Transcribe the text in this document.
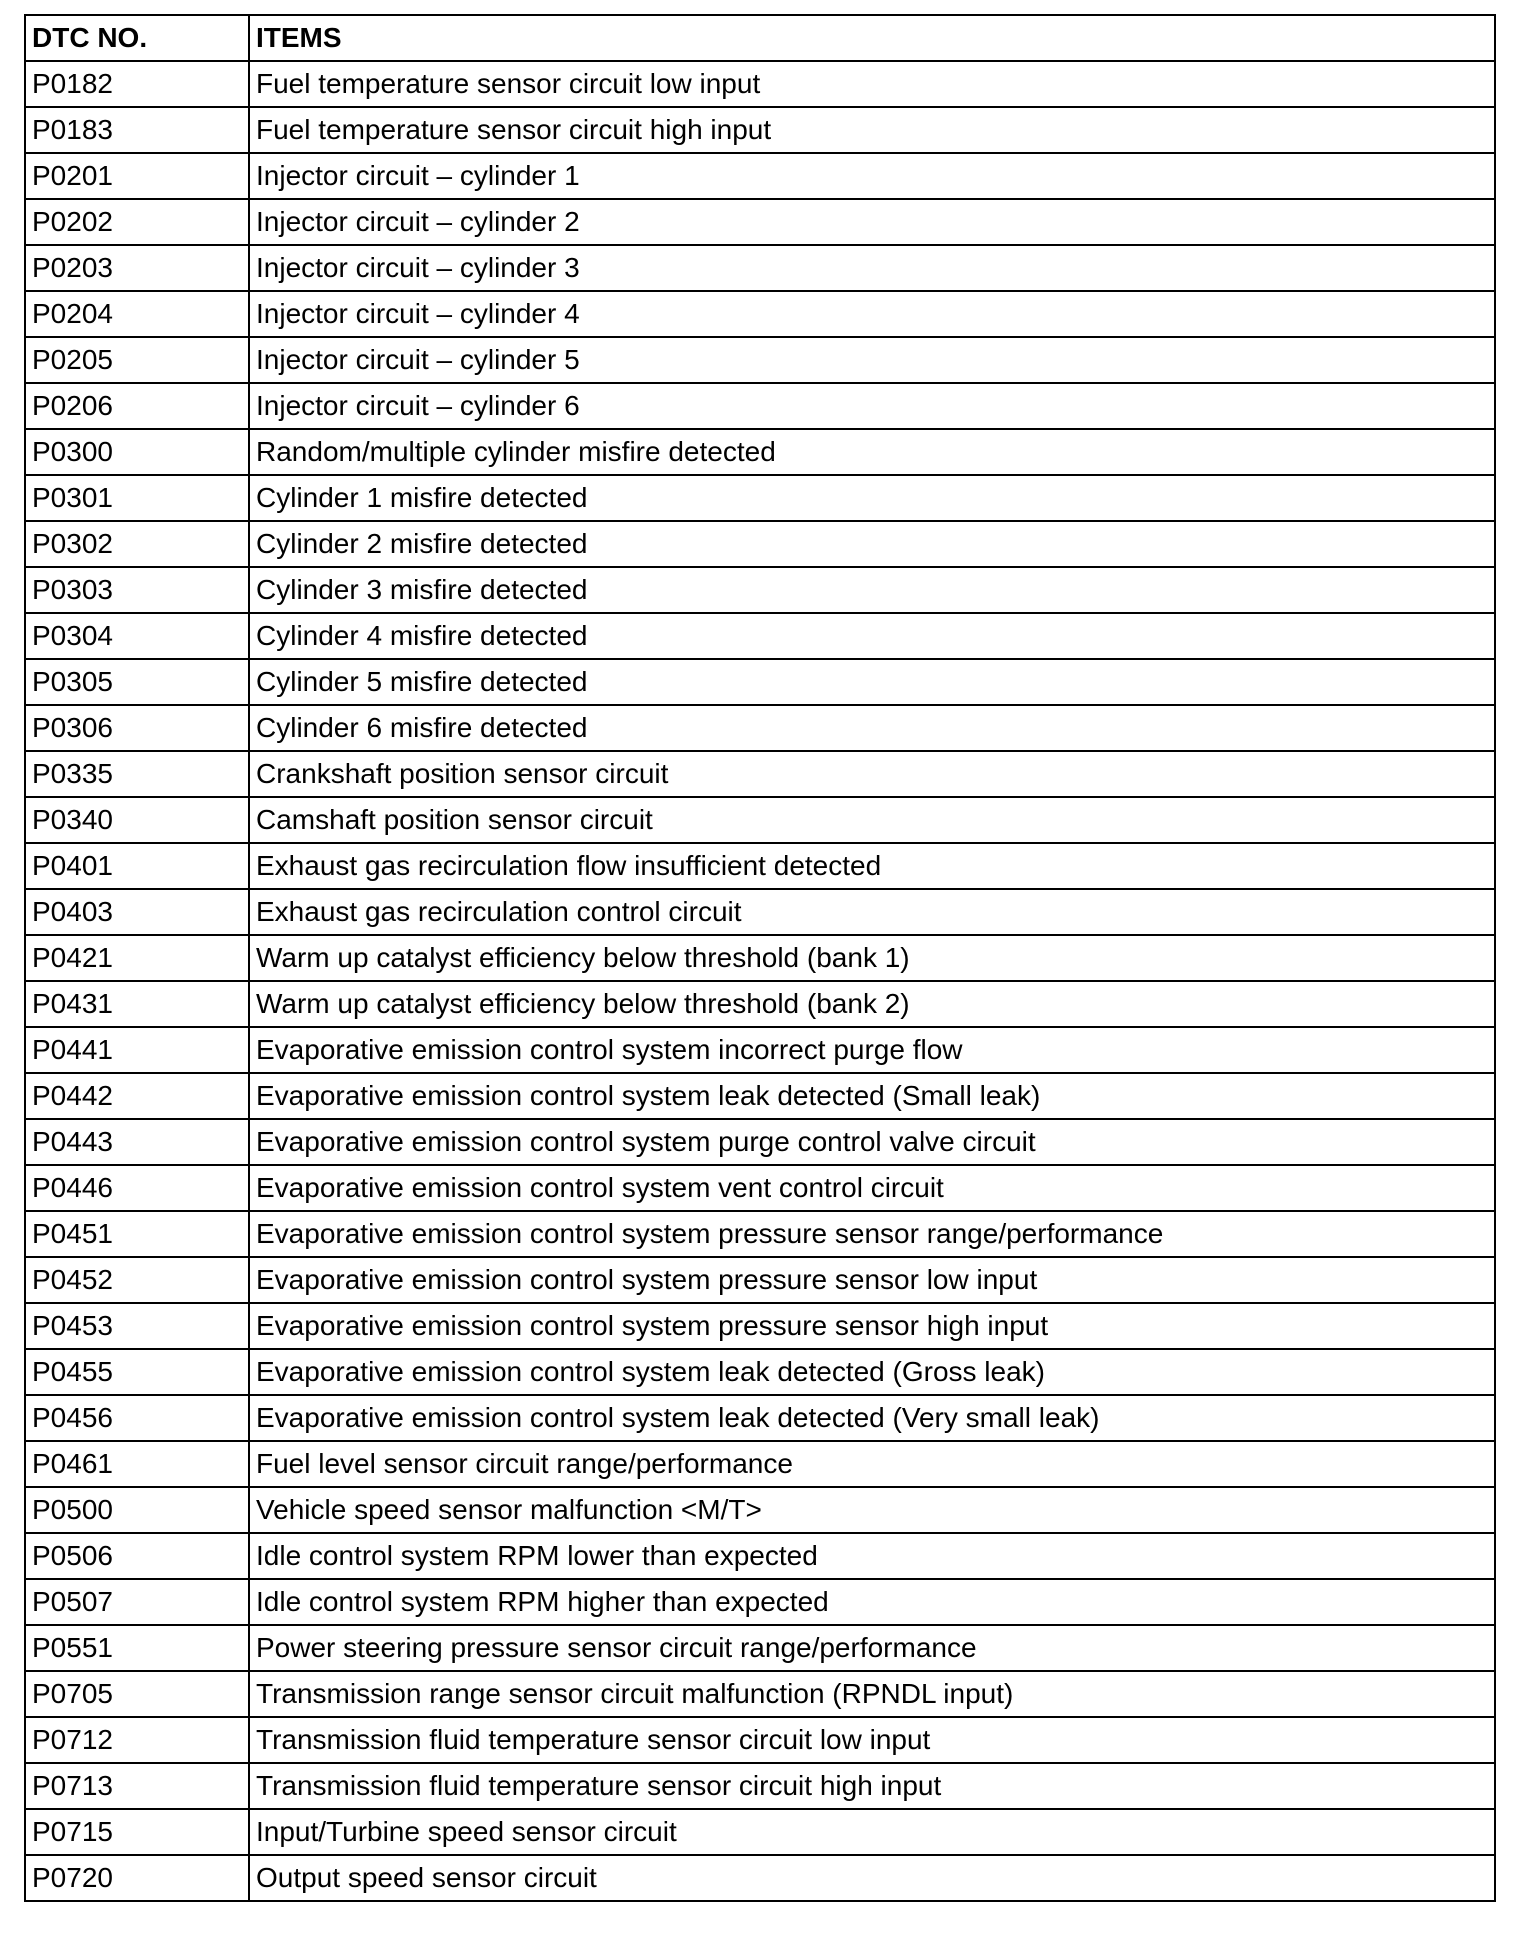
DTC NO.	ITEMS
P0182	Fuel temperature sensor circuit low input
P0183	Fuel temperature sensor circuit high input
P0201	Injector circuit – cylinder 1
P0202	Injector circuit – cylinder 2
P0203	Injector circuit – cylinder 3
P0204	Injector circuit – cylinder 4
P0205	Injector circuit – cylinder 5
P0206	Injector circuit – cylinder 6
P0300	Random/multiple cylinder misfire detected
P0301	Cylinder 1 misfire detected
P0302	Cylinder 2 misfire detected
P0303	Cylinder 3 misfire detected
P0304	Cylinder 4 misfire detected
P0305	Cylinder 5 misfire detected
P0306	Cylinder 6 misfire detected
P0335	Crankshaft position sensor circuit
P0340	Camshaft position sensor circuit
P0401	Exhaust gas recirculation flow insufficient detected
P0403	Exhaust gas recirculation control circuit
P0421	Warm up catalyst efficiency below threshold (bank 1)
P0431	Warm up catalyst efficiency below threshold (bank 2)
P0441	Evaporative emission control system incorrect purge flow
P0442	Evaporative emission control system leak detected (Small leak)
P0443	Evaporative emission control system purge control valve circuit
P0446	Evaporative emission control system vent control circuit
P0451	Evaporative emission control system pressure sensor range/performance
P0452	Evaporative emission control system pressure sensor low input
P0453	Evaporative emission control system pressure sensor high input
P0455	Evaporative emission control system leak detected (Gross leak)
P0456	Evaporative emission control system leak detected (Very small leak)
P0461	Fuel level sensor circuit range/performance
P0500	Vehicle speed sensor malfunction <M/T>
P0506	Idle control system RPM lower than expected
P0507	Idle control system RPM higher than expected
P0551	Power steering pressure sensor circuit range/performance
P0705	Transmission range sensor circuit malfunction (RPNDL input)
P0712	Transmission fluid temperature sensor circuit low input
P0713	Transmission fluid temperature sensor circuit high input
P0715	Input/Turbine speed sensor circuit
P0720	Output speed sensor circuit
